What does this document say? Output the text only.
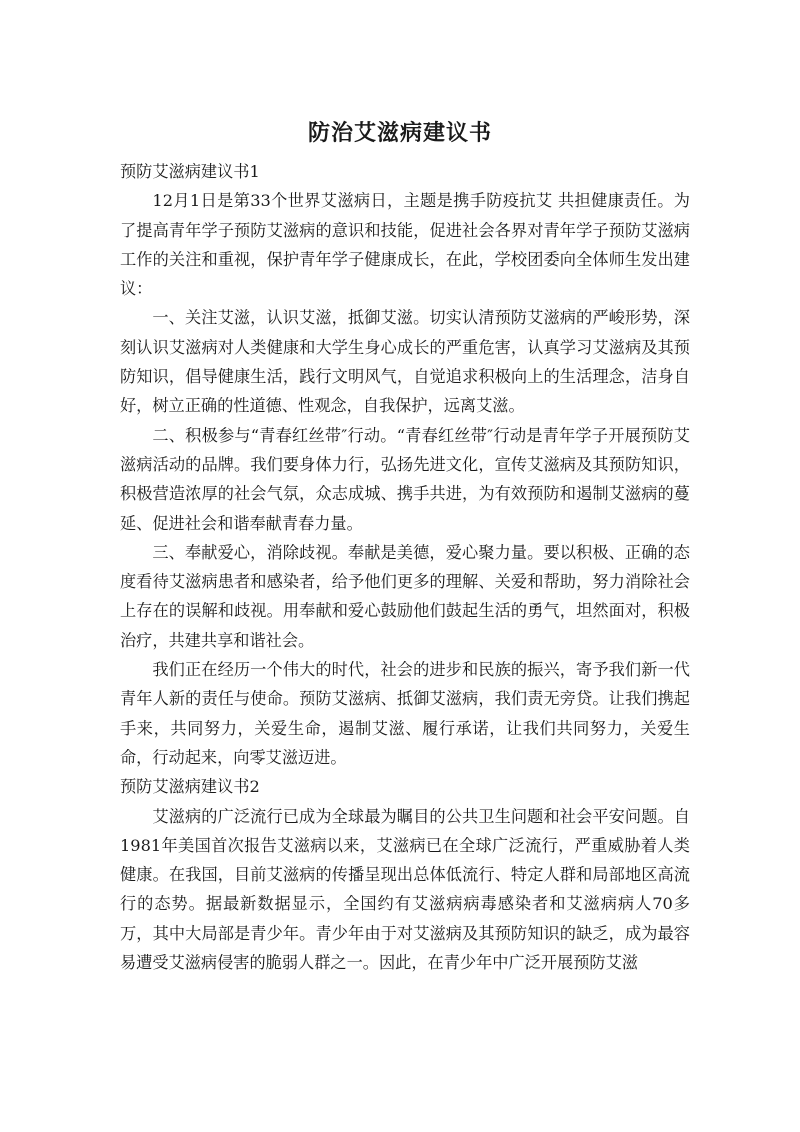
防治艾滋病建议书

预防艾滋病建议书1

12月1日是第33个世界艾滋病日，主题是携手防疫抗艾 共担健康责任。为了提高青年学子预防艾滋病的意识和技能，促进社会各界对青年学子预防艾滋病工作的关注和重视，保护青年学子健康成长，在此，学校团委向全体师生发出建议：

一、关注艾滋，认识艾滋，抵御艾滋。切实认清预防艾滋病的严峻形势，深刻认识艾滋病对人类健康和大学生身心成长的严重危害，认真学习艾滋病及其预防知识，倡导健康生活，践行文明风气，自觉追求积极向上的生活理念，洁身自好，树立正确的性道德、性观念，自我保护，远离艾滋。

二、积极参与“青春红丝带″行动。“青春红丝带″行动是青年学子开展预防艾滋病活动的品牌。我们要身体力行，弘扬先进文化，宣传艾滋病及其预防知识，积极营造浓厚的社会气氛，众志成城、携手共进，为有效预防和遏制艾滋病的蔓延、促进社会和谐奉献青春力量。

三、奉献爱心，消除歧视。奉献是美德，爱心聚力量。要以积极、正确的态度看待艾滋病患者和感染者，给予他们更多的理解、关爱和帮助，努力消除社会上存在的误解和歧视。用奉献和爱心鼓励他们鼓起生活的勇气，坦然面对，积极治疗，共建共享和谐社会。

我们正在经历一个伟大的时代，社会的进步和民族的振兴，寄予我们新一代青年人新的责任与使命。预防艾滋病、抵御艾滋病，我们责无旁贷。让我们携起手来，共同努力，关爱生命，遏制艾滋、履行承诺，让我们共同努力，关爱生命，行动起来，向零艾滋迈进。

预防艾滋病建议书2

艾滋病的广泛流行已成为全球最为瞩目的公共卫生问题和社会平安问题。自1981年美国首次报告艾滋病以来，艾滋病已在全球广泛流行，严重威胁着人类健康。在我国，目前艾滋病的传播呈现出总体低流行、特定人群和局部地区高流行的态势。据最新数据显示，全国约有艾滋病病毒感染者和艾滋病病人70多万，其中大局部是青少年。青少年由于对艾滋病及其预防知识的缺乏，成为最容易遭受艾滋病侵害的脆弱人群之一。因此，在青少年中广泛开展预防艾滋
